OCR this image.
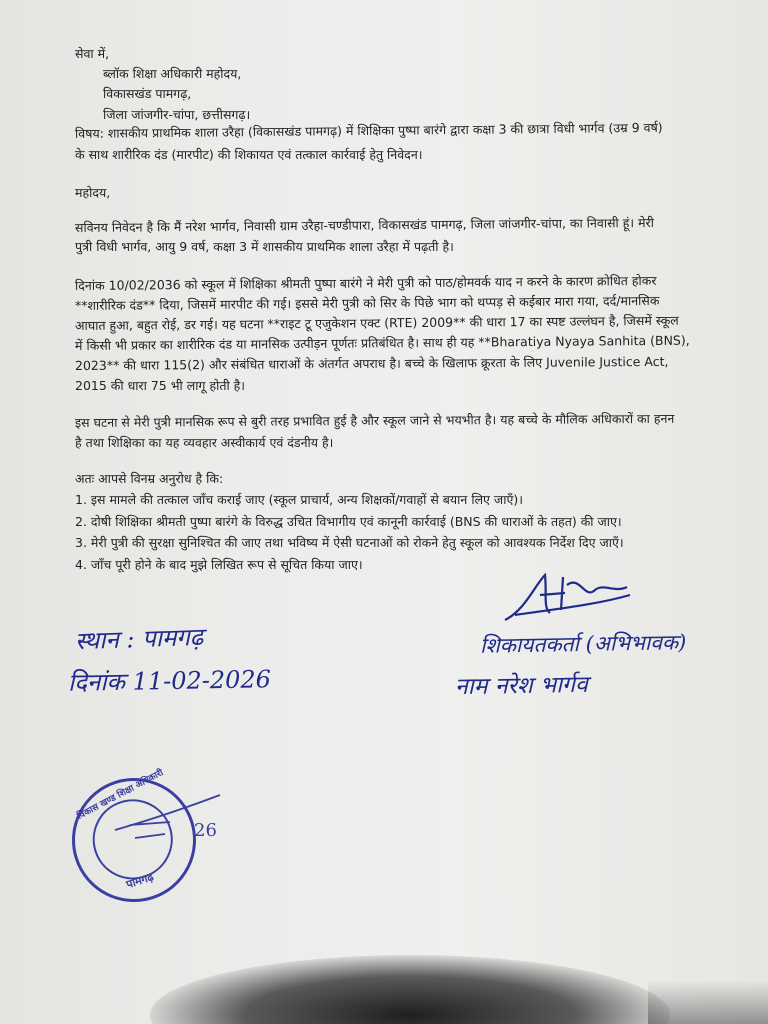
सेवा में,
ब्लॉक शिक्षा अधिकारी महोदय,
विकासखंड पामगढ़,
जिला जांजगीर-चांपा, छत्तीसगढ़।
विषय: शासकीय प्राथमिक शाला उरैहा (विकासखंड पामगढ़) में शिक्षिका पुष्पा बारंगे द्वारा कक्षा 3 की छात्रा विधी भार्गव (उम्र 9 वर्ष)
के साथ शारीरिक दंड (मारपीट) की शिकायत एवं तत्काल कार्रवाई हेतु निवेदन।
महोदय,
सविनय निवेदन है कि मैं नरेश भार्गव, निवासी ग्राम उरैहा-चण्डीपारा, विकासखंड पामगढ़, जिला जांजगीर-चांपा, का निवासी हूं। मेरी
पुत्री विधी भार्गव, आयु 9 वर्ष, कक्षा 3 में शासकीय प्राथमिक शाला उरैहा में पढ़ती है।
दिनांक 10/02/2036 को स्कूल में शिक्षिका श्रीमती पुष्पा बारंगे ने मेरी पुत्री को पाठ/होमवर्क याद न करने के कारण क्रोधित होकर
**शारीरिक दंड** दिया, जिसमें मारपीट की गई। इससे मेरी पुत्री को सिर के पिछे भाग को थप्पड़ से कईबार मारा गया, दर्द/मानसिक
आघात हुआ, बहुत रोई, डर गई। यह घटना **राइट टू एजुकेशन एक्ट (RTE) 2009** की धारा 17 का स्पष्ट उल्लंघन है, जिसमें स्कूल
में किसी भी प्रकार का शारीरिक दंड या मानसिक उत्पीड़न पूर्णतः प्रतिबंधित है। साथ ही यह **Bharatiya Nyaya Sanhita (BNS),
2023** की धारा 115(2) और संबंधित धाराओं के अंतर्गत अपराध है। बच्चे के खिलाफ क्रूरता के लिए Juvenile Justice Act,
2015 की धारा 75 भी लागू होती है।
इस घटना से मेरी पुत्री मानसिक रूप से बुरी तरह प्रभावित हुई है और स्कूल जाने से भयभीत है। यह बच्चे के मौलिक अधिकारों का हनन
है तथा शिक्षिका का यह व्यवहार अस्वीकार्य एवं दंडनीय है।
अतः आपसे विनम्र अनुरोध है कि:
1. इस मामले की तत्काल जाँच कराई जाए (स्कूल प्राचार्य, अन्य शिक्षकों/गवाहों से बयान लिए जाएँ)।
2. दोषी शिक्षिका श्रीमती पुष्पा बारंगे के विरुद्ध उचित विभागीय एवं कानूनी कार्रवाई (BNS की धाराओं के तहत) की जाए।
3. मेरी पुत्री की सुरक्षा सुनिश्चित की जाए तथा भविष्य में ऐसी घटनाओं को रोकने हेतु स्कूल को आवश्यक निर्देश दिए जाएँ।
4. जाँच पूरी होने के बाद मुझे लिखित रूप से सूचित किया जाए।
स्थान : पामगढ़
दिनांक 11-02-2026
शिकायतकर्ता (अभिभावक)
नाम नरेश भार्गव
विकास खण्ड शिक्षा अधिकारी
पामगढ़
26
